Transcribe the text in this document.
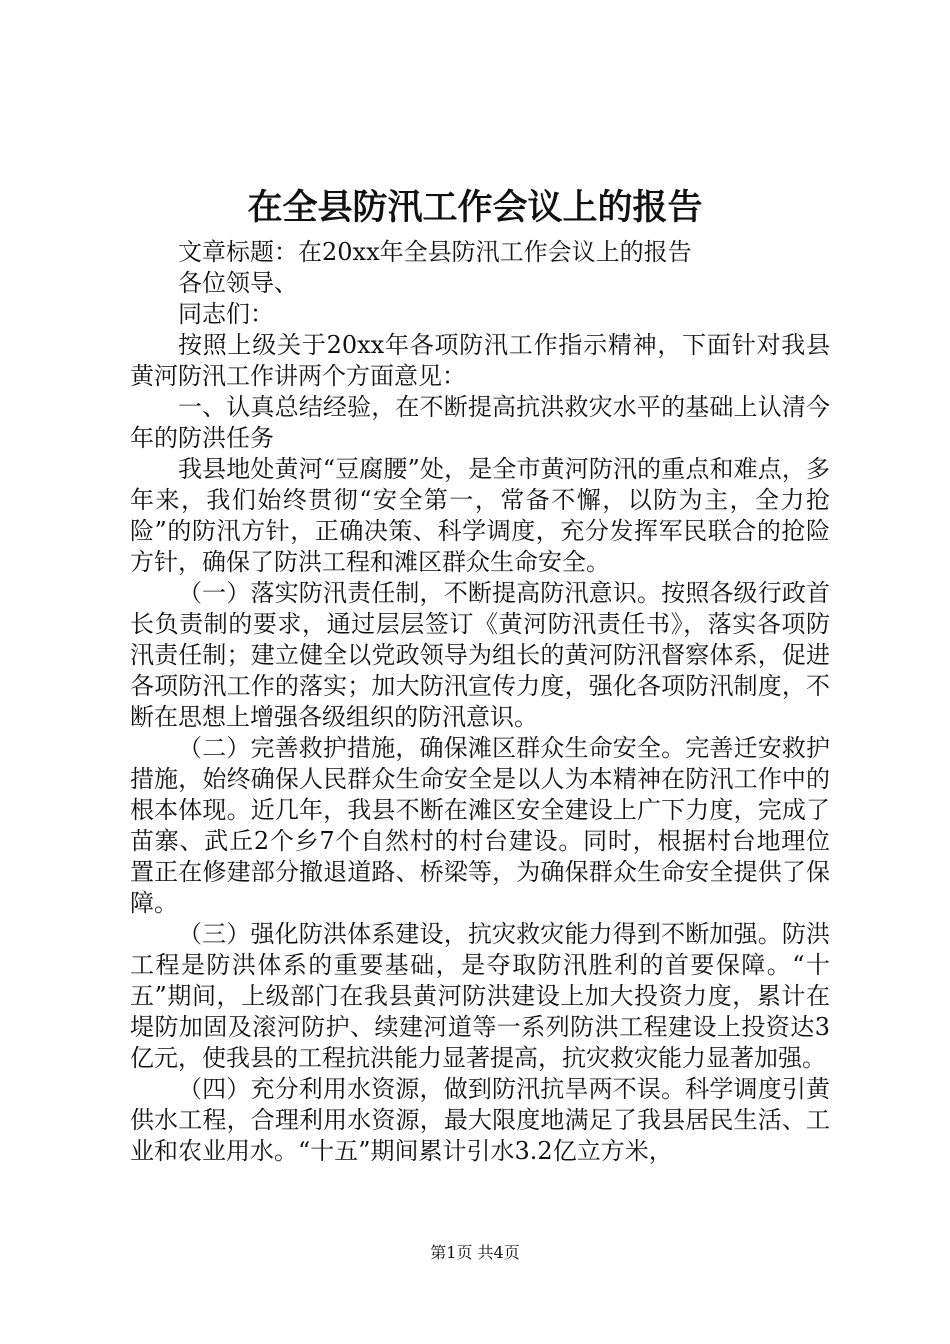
在全县防汛工作会议上的报告

文章标题：在20xx年全县防汛工作会议上的报告

各位领导、

同志们：

按照上级关于20xx年各项防汛工作指示精神，下面针对我县黄河防汛工作讲两个方面意见：

一、认真总结经验，在不断提高抗洪救灾水平的基础上认清今年的防洪任务

我县地处黄河“豆腐腰”处，是全市黄河防汛的重点和难点，多年来，我们始终贯彻“安全第一，常备不懈，以防为主，全力抢险”的防汛方针，正确决策、科学调度，充分发挥军民联合的抢险方针，确保了防洪工程和滩区群众生命安全。

（一）落实防汛责任制，不断提高防汛意识。按照各级行政首长负责制的要求，通过层层签订《黄河防汛责任书》，落实各项防汛责任制；建立健全以党政领导为组长的黄河防汛督察体系，促进各项防汛工作的落实；加大防汛宣传力度，强化各项防汛制度，不断在思想上增强各级组织的防汛意识。

（二）完善救护措施，确保滩区群众生命安全。完善迁安救护措施，始终确保人民群众生命安全是以人为本精神在防汛工作中的根本体现。近几年，我县不断在滩区安全建设上广下力度，完成了苗寨、武丘2个乡7个自然村的村台建设。同时，根据村台地理位置正在修建部分撤退道路、桥梁等，为确保群众生命安全提供了保障。

（三）强化防洪体系建设，抗灾救灾能力得到不断加强。防洪工程是防洪体系的重要基础，是夺取防汛胜利的首要保障。“十五”期间，上级部门在我县黄河防洪建设上加大投资力度，累计在堤防加固及滚河防护、续建河道等一系列防洪工程建设上投资达3亿元，使我县的工程抗洪能力显著提高，抗灾救灾能力显著加强。

（四）充分利用水资源，做到防汛抗旱两不误。科学调度引黄供水工程，合理利用水资源，最大限度地满足了我县居民生活、工业和农业用水。“十五”期间累计引水3.2亿立方米，

第1页 共4页
